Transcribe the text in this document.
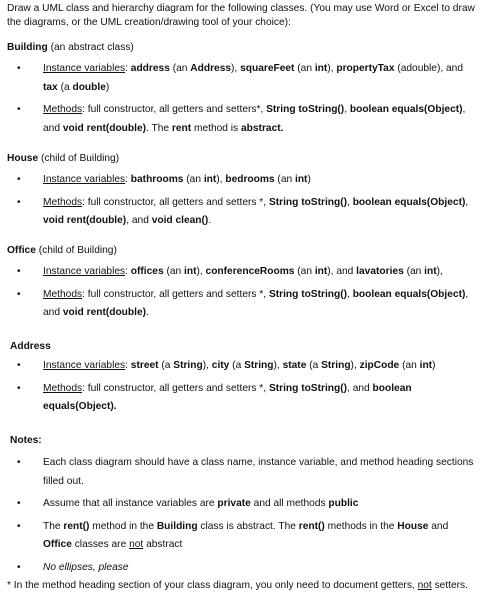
Draw a UML class and hierarchy diagram for the following classes. (You may use Word or Excel to draw
the diagrams, or the UML creation/drawing tool of your choice):
Building (an abstract class)
• Instance variables: address (an Address), squareFeet (an int), propertyTax (adouble), and
tax (a double)
• Methods: full constructor, all getters and setters*, String toString(), boolean equals(Object),
and void rent(double). The rent method is abstract.
House (child of Building)
• Instance variables: bathrooms (an int), bedrooms (an int)
• Methods: full constructor, all getters and setters *, String toString(), boolean equals(Object),
void rent(double), and void clean().
Office (child of Building)
• Instance variables: offices (an int), conferenceRooms (an int), and lavatories (an int),
• Methods: full constructor, all getters and setters *, String toString(), boolean equals(Object),
and void rent(double).
Address
• Instance variables: street (a String), city (a String), state (a String), zipCode (an int)
• Methods: full constructor, all getters and setters *, String toString(), and boolean
equals(Object).
Notes:
• Each class diagram should have a class name, instance variable, and method heading sections
filled out.
• Assume that all instance variables are private and all methods public
• The rent() method in the Building class is abstract. The rent() methods in the House and
Office classes are not abstract
• No ellipses, please
* In the method heading section of your class diagram, you only need to document getters, not setters.
